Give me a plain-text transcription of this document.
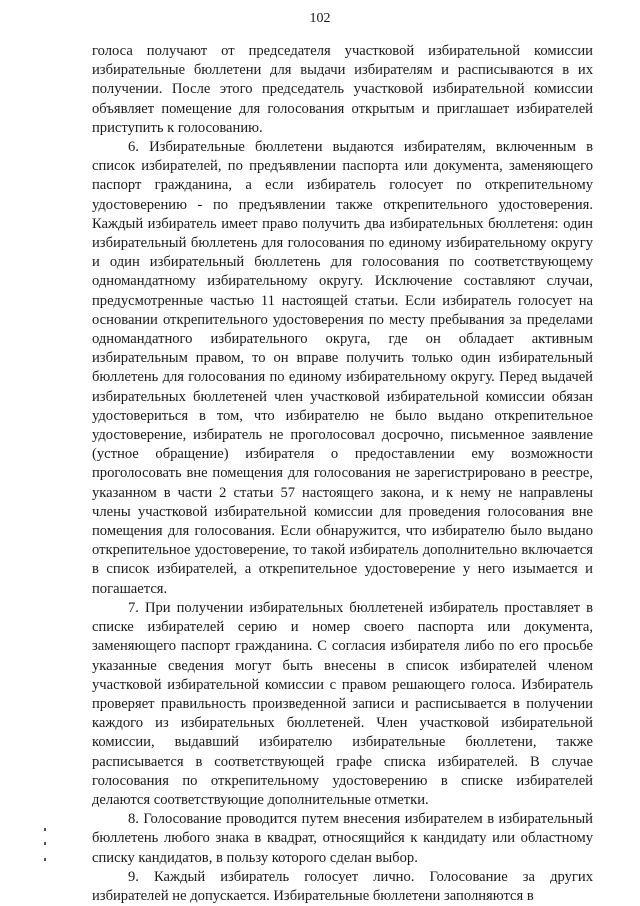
102

голоса получают от председателя участковой избирательной комиссии избирательные бюллетени для выдачи избирателям и расписываются в их получении. После этого председатель участковой избирательной комиссии объявляет помещение для голосования открытым и приглашает избирателей приступить к голосованию.

6. Избирательные бюллетени выдаются избирателям, включенным в список избирателей, по предъявлении паспорта или документа, заменяющего паспорт гражданина, а если избиратель голосует по открепительному удостоверению - по предъявлении также открепительного удостоверения. Каждый избиратель имеет право получить два избирательных бюллетеня: один избирательный бюллетень для голосования по единому избирательному округу и один избирательный бюллетень для голосования по соответствующему одномандатному избирательному округу. Исключение составляют случаи, предусмотренные частью 11 настоящей статьи. Если избиратель голосует на основании открепительного удостоверения по месту пребывания за пределами одномандатного избирательного округа, где он обладает активным избирательным правом, то он вправе получить только один избирательный бюллетень для голосования по единому избирательному округу. Перед выдачей избирательных бюллетеней член участковой избирательной комиссии обязан удостовериться в том, что избирателю не было выдано открепительное удостоверение, избиратель не проголосовал досрочно, письменное заявление (устное обращение) избирателя о предоставлении ему возможности проголосовать вне помещения для голосования не зарегистрировано в реестре, указанном в части 2 статьи 57 настоящего закона, и к нему не направлены члены участковой избирательной комиссии для проведения голосования вне помещения для голосования. Если обнаружится, что избирателю было выдано открепительное удостоверение, то такой избиратель дополнительно включается в список избирателей, а открепительное удостоверение у него изымается и погашается.

7. При получении избирательных бюллетеней избиратель проставляет в списке избирателей серию и номер своего паспорта или документа, заменяющего паспорт гражданина. С согласия избирателя либо по его просьбе указанные сведения могут быть внесены в список избирателей членом участковой избирательной комиссии с правом решающего голоса. Избиратель проверяет правильность произведенной записи и расписывается в получении каждого из избирательных бюллетеней. Член участковой избирательной комиссии, выдавший избирателю избирательные бюллетени, также расписывается в соответствующей графе списка избирателей. В случае голосования по открепительному удостоверению в списке избирателей делаются соответствующие дополнительные отметки.

8. Голосование проводится путем внесения избирателем в избирательный бюллетень любого знака в квадрат, относящийся к кандидату или областному списку кандидатов, в пользу которого сделан выбор.

9. Каждый избиратель голосует лично. Голосование за других избирателей не допускается. Избирательные бюллетени заполняются в
